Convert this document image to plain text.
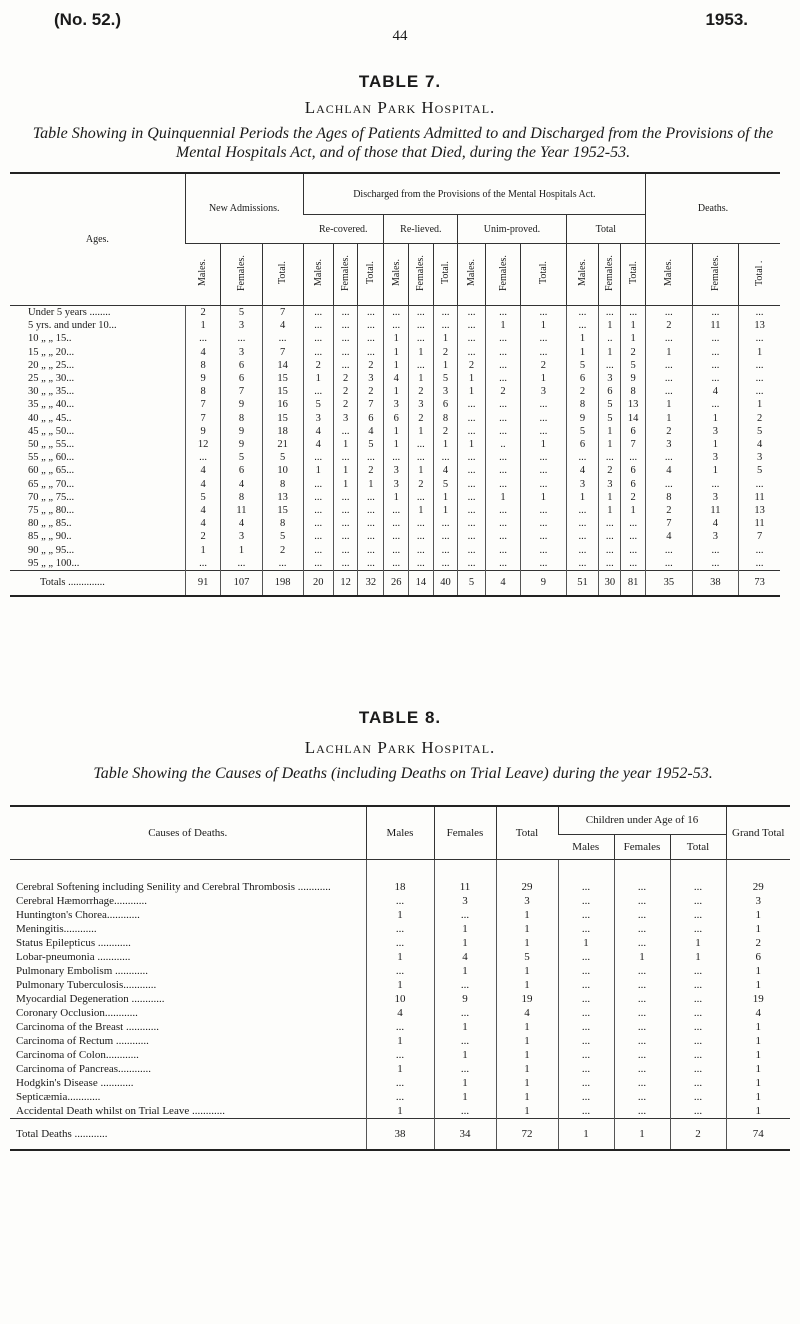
(No. 52.)	1953.
44
TABLE 7.
Lachlan Park Hospital.
Table Showing in Quinquennial Periods the Ages of Patients Admitted to and Discharged from the Provisions of the Mental Hospitals Act, and of those that Died, during the Year 1952-53.
Ages.	New Admissions.			Discharged from the Provisions of the Mental Hospitals Act.												Deaths.		
				Re-covered.			Re-lieved.			Unim-proved.			Total					
	Males.	Females.	Total.	Males.	Females.	Total.	Males.	Females.	Total.	Males.	Females.	Total.	Males.	Females.	Total.	Males.	Females.	Total .
Under 5 years ........	2	5	7	...	...	...	...	...	...	...	...	...	...	...	...	...	...	...
5 yrs. and under 10...	1	3	4	...	...	...	...	...	...	...	1	1	...	1	1	2	11	13
10 „ „ 15..	...	...	...	...	...	...	1	...	1	...	...	...	1	..	1	...	...	...
15 „ „ 20...	4	3	7	...	...	...	1	1	2	...	...	...	1	1	2	1	...	1
20 „ „ 25...	8	6	14	2	...	2	1	...	1	2	...	2	5	...	5	...	...	...
25 „ „ 30...	9	6	15	1	2	3	4	1	5	1	...	1	6	3	9	...	...	...
30 „ „ 35...	8	7	15	...	2	2	1	2	3	1	2	3	2	6	8	...	4	...
35 „ „ 40...	7	9	16	5	2	7	3	3	6	...	...	...	8	5	13	1	...	1
40 „ „ 45..	7	8	15	3	3	6	6	2	8	...	...	...	9	5	14	1	1	2
45 „ „ 50...	9	9	18	4	...	4	1	1	2	...	...	...	5	1	6	2	3	5
50 „ „ 55...	12	9	21	4	1	5	1	...	1	1	..	1	6	1	7	3	1	4
55 „ „ 60...	...	5	5	...	...	...	...	...	...	...	...	...	...	...	...	...	3	3
60 „ „ 65...	4	6	10	1	1	2	3	1	4	...	...	...	4	2	6	4	1	5
65 „ „ 70...	4	4	8	...	1	1	3	2	5	...	...	...	3	3	6	...	...	...
70 „ „ 75...	5	8	13	...	...	...	1	...	1	...	1	1	1	1	2	8	3	11
75 „ „ 80...	4	11	15	...	...	...	...	1	1	...	...	...	...	1	1	2	11	13
80 „ „ 85..	4	4	8	...	...	...	...	...	...	...	...	...	...	...	...	7	4	11
85 „ „ 90..	2	3	5	...	...	...	...	...	...	...	...	...	...	...	...	4	3	7
90 „ „ 95...	1	1	2	...	...	...	...	...	...	...	...	...	...	...	...	...	...	...
95 „ „ 100...	...	...	...	...	...	...	...	...	...	...	...	...	...	...	...	...	...	...
Totals ..............	91	107	198	20	12	32	26	14	40	5	4	9	51	30	81	35	38	73
TABLE 8.
Lachlan Park Hospital.
Table Showing the Causes of Deaths (including Deaths on Trial Leave) during the year 1952-53.
Causes of Deaths.	Males	Females	Total	Children under Age of 16			Grand Total
				Males	Females	Total	
Cerebral Softening including Senility and Cerebral Thrombosis ............	18	11	29	...	...	...	29
Cerebral Hæmorrhage............	...	3	3	...	...	...	3
Huntington's Chorea............	1	...	1	...	...	...	1
Meningitis............	...	1	1	...	...	...	1
Status Epilepticus ............	...	1	1	1	...	1	2
Lobar-pneumonia ............	1	4	5	...	1	1	6
Pulmonary Embolism ............	...	1	1	...	...	...	1
Pulmonary Tuberculosis............	1	...	1	...	...	...	1
Myocardial Degeneration ............	10	9	19	...	...	...	19
Coronary Occlusion............	4	...	4	...	...	...	4
Carcinoma of the Breast ............	...	1	1	...	...	...	1
Carcinoma of Rectum ............	1	...	1	...	...	...	1
Carcinoma of Colon............	...	1	1	...	...	...	1
Carcinoma of Pancreas............	1	...	1	...	...	...	1
Hodgkin's Disease ............	...	1	1	...	...	...	1
Septicæmia............	...	1	1	...	...	...	1
Accidental Death whilst on Trial Leave ............	1	...	1	...	...	...	1
Total Deaths ............	38	34	72	1	1	2	74
